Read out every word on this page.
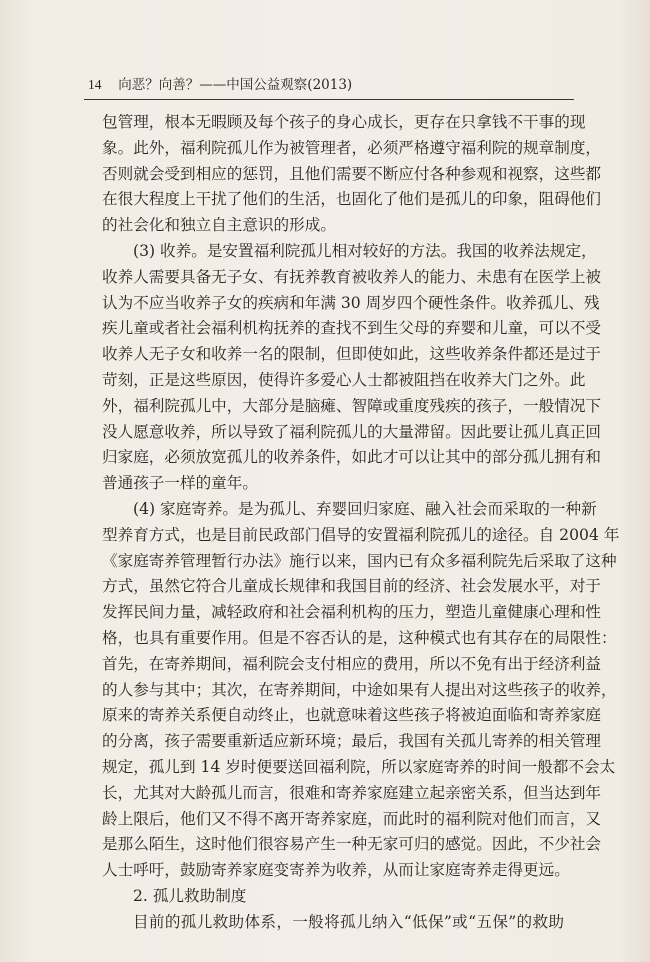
14 向恶？向善？——中国公益观察(2013)
包管理，根本无暇顾及每个孩子的身心成长，更存在只拿钱不干事的现
象。此外，福利院孤儿作为被管理者，必须严格遵守福利院的规章制度，
否则就会受到相应的惩罚，且他们需要不断应付各种参观和视察，这些都
在很大程度上干扰了他们的生活，也固化了他们是孤儿的印象，阻碍他们
的社会化和独立自主意识的形成。
(3) 收养。是安置福利院孤儿相对较好的方法。我国的收养法规定，
收养人需要具备无子女、有抚养教育被收养人的能力、未患有在医学上被
认为不应当收养子女的疾病和年满 30 周岁四个硬性条件。收养孤儿、残
疾儿童或者社会福利机构抚养的查找不到生父母的弃婴和儿童，可以不受
收养人无子女和收养一名的限制，但即使如此，这些收养条件都还是过于
苛刻，正是这些原因，使得许多爱心人士都被阻挡在收养大门之外。此
外，福利院孤儿中，大部分是脑瘫、智障或重度残疾的孩子，一般情况下
没人愿意收养，所以导致了福利院孤儿的大量滞留。因此要让孤儿真正回
归家庭，必须放宽孤儿的收养条件，如此才可以让其中的部分孤儿拥有和
普通孩子一样的童年。
(4) 家庭寄养。是为孤儿、弃婴回归家庭、融入社会而采取的一种新
型养育方式，也是目前民政部门倡导的安置福利院孤儿的途径。自 2004 年
《家庭寄养管理暂行办法》施行以来，国内已有众多福利院先后采取了这种
方式，虽然它符合儿童成长规律和我国目前的经济、社会发展水平，对于
发挥民间力量，减轻政府和社会福利机构的压力，塑造儿童健康心理和性
格，也具有重要作用。但是不容否认的是，这种模式也有其存在的局限性：
首先，在寄养期间，福利院会支付相应的费用，所以不免有出于经济利益
的人参与其中；其次，在寄养期间，中途如果有人提出对这些孩子的收养，
原来的寄养关系便自动终止，也就意味着这些孩子将被迫面临和寄养家庭
的分离，孩子需要重新适应新环境；最后，我国有关孤儿寄养的相关管理
规定，孤儿到 14 岁时便要送回福利院，所以家庭寄养的时间一般都不会太
长，尤其对大龄孤儿而言，很难和寄养家庭建立起亲密关系，但当达到年
龄上限后，他们又不得不离开寄养家庭，而此时的福利院对他们而言，又
是那么陌生，这时他们很容易产生一种无家可归的感觉。因此，不少社会
人士呼吁，鼓励寄养家庭变寄养为收养，从而让家庭寄养走得更远。
2. 孤儿救助制度
目前的孤儿救助体系，一般将孤儿纳入“低保”或“五保”的救助
